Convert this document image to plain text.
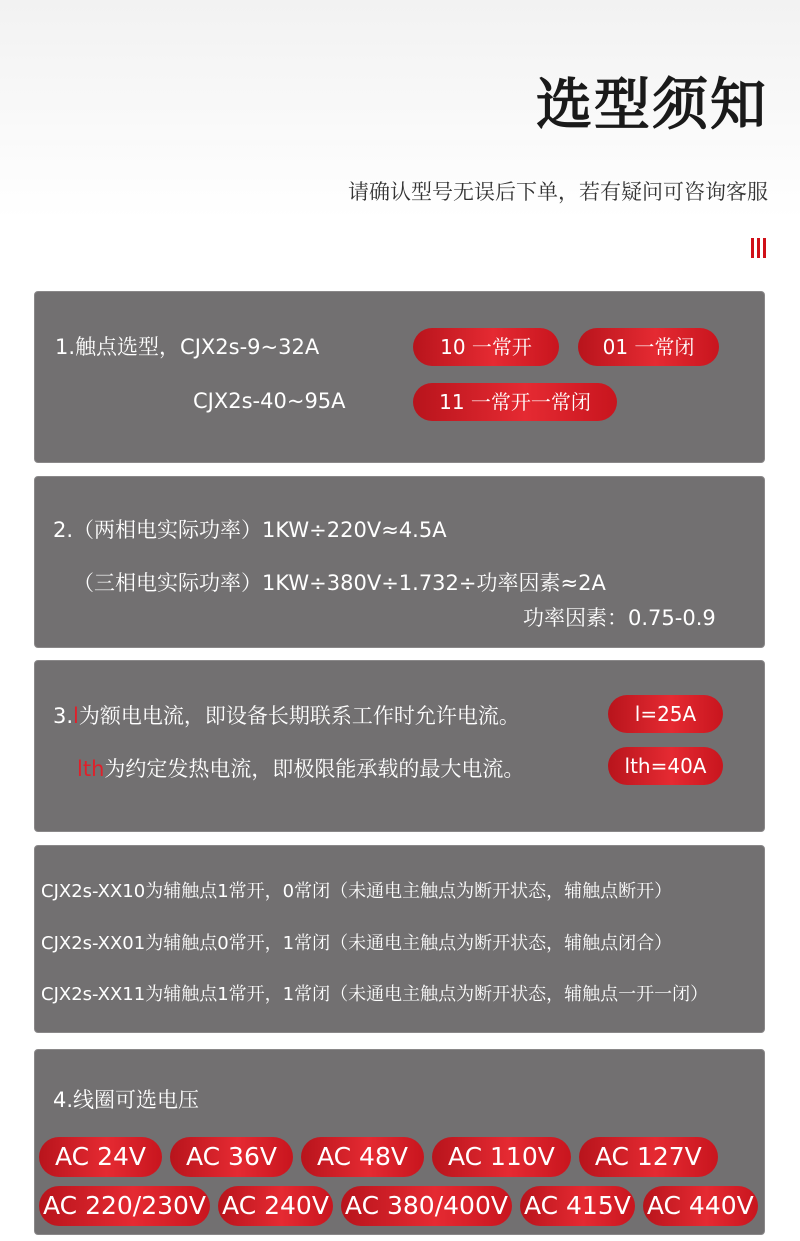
选型须知
请确认型号无误后下单，若有疑问可咨询客服
1.触点选型，CJX2s-9~32A
CJX2s-40~95A
10 一常开	01 一常闭
11 一常开一常闭
2.（两相电实际功率）1KW÷220V≈4.5A
（三相电实际功率）1KW÷380V÷1.732÷功率因素≈2A
功率因素：0.75-0.9
3.l为额电电流，即设备长期联系工作时允许电流。
lth为约定发热电流，即极限能承载的最大电流。
l=25A
lth=40A
CJX2s-XX10为辅触点1常开，0常闭（未通电主触点为断开状态，辅触点断开）
CJX2s-XX01为辅触点0常开，1常闭（未通电主触点为断开状态，辅触点闭合）
CJX2s-XX11为辅触点1常开，1常闭（未通电主触点为断开状态，辅触点一开一闭）
4.线圈可选电压
AC 24V	AC 36V	AC 48V	AC 110V	AC 127V
AC 220/230V AC 240V AC 380/400V AC 415V AC 440V
